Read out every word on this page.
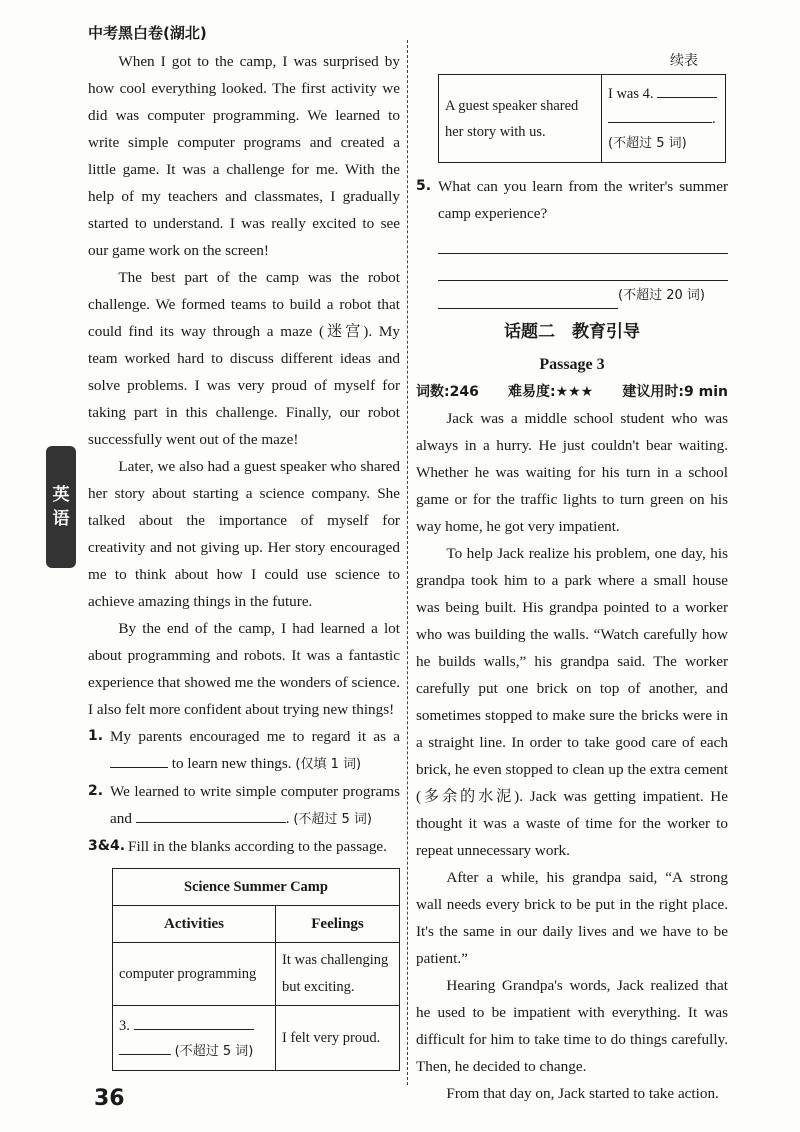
中考黑白卷(湖北)
英
语

When I got to the camp, I was surprised by how cool everything looked. The first activity we did was computer programming. We learned to write simple computer programs and created a little game. It was a challenge for me. With the help of my teachers and classmates, I gradually started to understand. I was really excited to see our game work on the screen!

The best part of the camp was the robot challenge. We formed teams to build a robot that could find its way through a maze (迷宫). My team worked hard to discuss different ideas and solve problems. I was very proud of myself for taking part in this challenge. Finally, our robot successfully went out of the maze!

Later, we also had a guest speaker who shared her story about starting a science company. She talked about the importance of myself for creativity and not giving up. Her story encouraged me to think about how I could use science to achieve amazing things in the future.

By the end of the camp, I had learned a lot about programming and robots. It was a fantastic experience that showed me the wonders of science. I also felt more confident about trying new things!

1. My parents encouraged me to regard it as a  to learn new things. (仅填 1 词)
2. We learned to write simple computer programs and	. (不超过 5 词)
3&4. Fill in the blanks according to the passage.
Science Summer Camp	
Activities	Feelings
computer programming	It was challenging but exciting.
3.
(不超过 5 词)	I felt very proud.
续表
A guest speaker shared her story with us.	I was 4.
.
(不超过 5 词)
5. What can you learn from the writer's summer camp experience?
(不超过 20 词)
话题二　教育引导
Passage 3
词数:246 难易度:★★★ 建议用时:9 min

Jack was a middle school student who was always in a hurry. He just couldn't bear waiting. Whether he was waiting for his turn in a school game or for the traffic lights to turn green on his way home, he got very impatient.

To help Jack realize his problem, one day, his grandpa took him to a park where a small house was being built. His grandpa pointed to a worker who was building the walls. “Watch carefully how he builds walls,” his grandpa said. The worker carefully put one brick on top of another, and sometimes stopped to make sure the bricks were in a straight line. In order to take good care of each brick, he even stopped to clean up the extra cement (多余的水泥). Jack was getting impatient. He thought it was a waste of time for the worker to repeat unnecessary work.

After a while, his grandpa said, “A strong wall needs every brick to be put in the right place. It's the same in our daily lives and we have to be patient.”

Hearing Grandpa's words, Jack realized that he used to be impatient with everything. It was difficult for him to take time to do things carefully. Then, he decided to change.

From that day on, Jack started to take action.

36
